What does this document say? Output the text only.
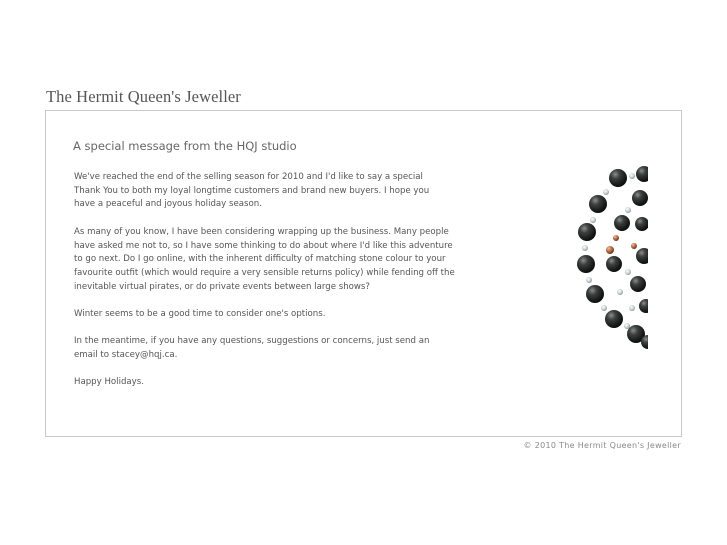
The Hermit Queen's Jeweller
A special message from the HQJ studio

We've reached the end of the selling season for 2010 and I'd like to say a special
Thank You to both my loyal longtime customers and brand new buyers. I hope you
have a peaceful and joyous holiday season.

As many of you know, I have been considering wrapping up the business. Many people
have asked me not to, so I have some thinking to do about where I'd like this adventure
to go next. Do I go online, with the inherent difficulty of matching stone colour to your
favourite outfit (which would require a very sensible returns policy) while fending off the
inevitable virtual pirates, or do private events between large shows?

Winter seems to be a good time to consider one's options.

In the meantime, if you have any questions, suggestions or concerns, just send an
email to stacey@hqj.ca.

Happy Holidays.

© 2010 The Hermit Queen's Jeweller
